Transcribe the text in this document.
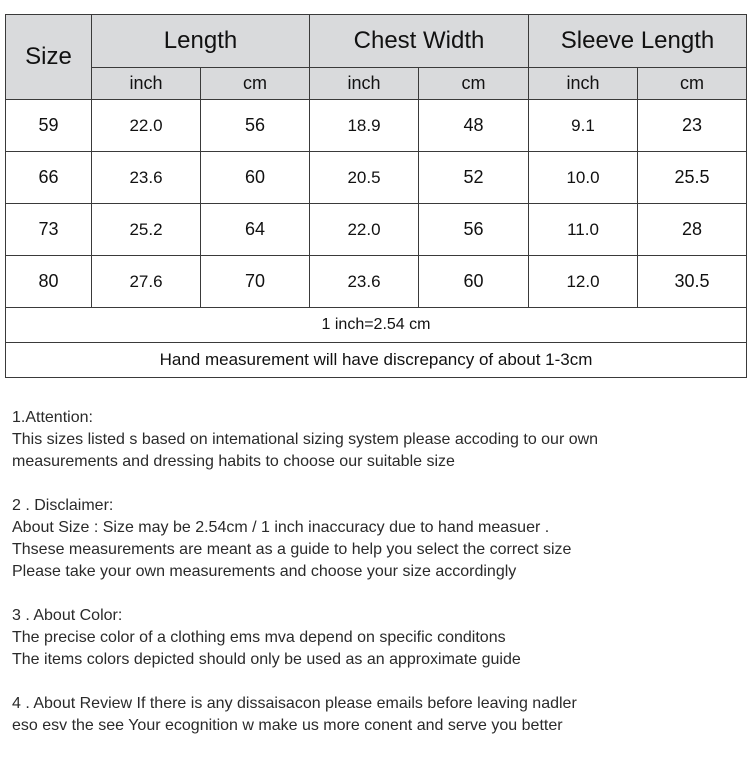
Size	Length		Chest Width		Sleeve Length	
	inch	cm	inch	cm	inch	cm
59	22.0	56	18.9	48	9.1	23
66	23.6	60	20.5	52	10.0	25.5
73	25.2	64	22.0	56	11.0	28
80	27.6	70	23.6	60	12.0	30.5
1 inch=2.54 cm						
Hand measurement will have discrepancy of about 1-3cm						

1.Attention:

This sizes listed s based on intemational sizing system please accoding to our own

measurements and dressing habits to choose our suitable size

2 . Disclaimer:

About Size : Size may be 2.54cm / 1 inch inaccuracy due to hand measuer .

Thsese measurements are meant as a guide to help you select the correct size

Please take your own measurements and choose your size accordingly

3 . About Color:

The precise color of a clothing ems mva depend on specific conditons

The items colors depicted should only be used as an approximate guide

4 . About Review If there is any dissaisacon please emails before leaving nadler

eso esv the see Your ecognition w make us more conent and serve you better
